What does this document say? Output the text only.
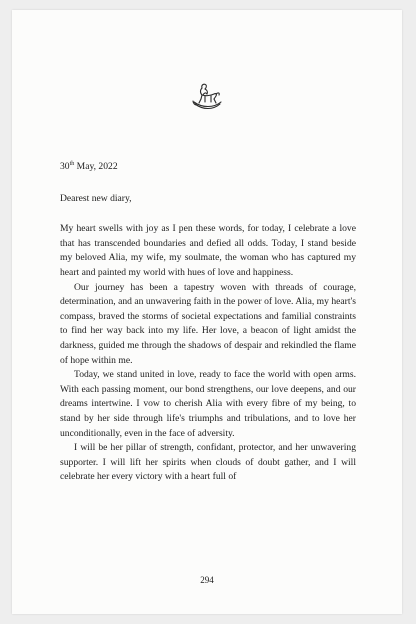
30th May, 2022

Dearest new diary,

My heart swells with joy as I pen these words, for today, I celebrate a love that has transcended boundaries and defied all odds. Today, I stand beside my beloved Alia, my wife, my soulmate, the woman who has captured my heart and painted my world with hues of love and happiness.

Our journey has been a tapestry woven with threads of courage, determination, and an unwavering faith in the power of love. Alia, my heart's compass, braved the storms of societal expectations and familial constraints to find her way back into my life. Her love, a beacon of light amidst the darkness, guided me through the shadows of despair and rekindled the flame of hope within me.

Today, we stand united in love, ready to face the world with open arms. With each passing moment, our bond strengthens, our love deepens, and our dreams intertwine. I vow to cherish Alia with every fibre of my being, to stand by her side through life's triumphs and tribulations, and to love her unconditionally, even in the face of adversity.

I will be her pillar of strength, confidant, protector, and her unwavering supporter. I will lift her spirits when clouds of doubt gather, and I will celebrate her every victory with a heart full of

294
